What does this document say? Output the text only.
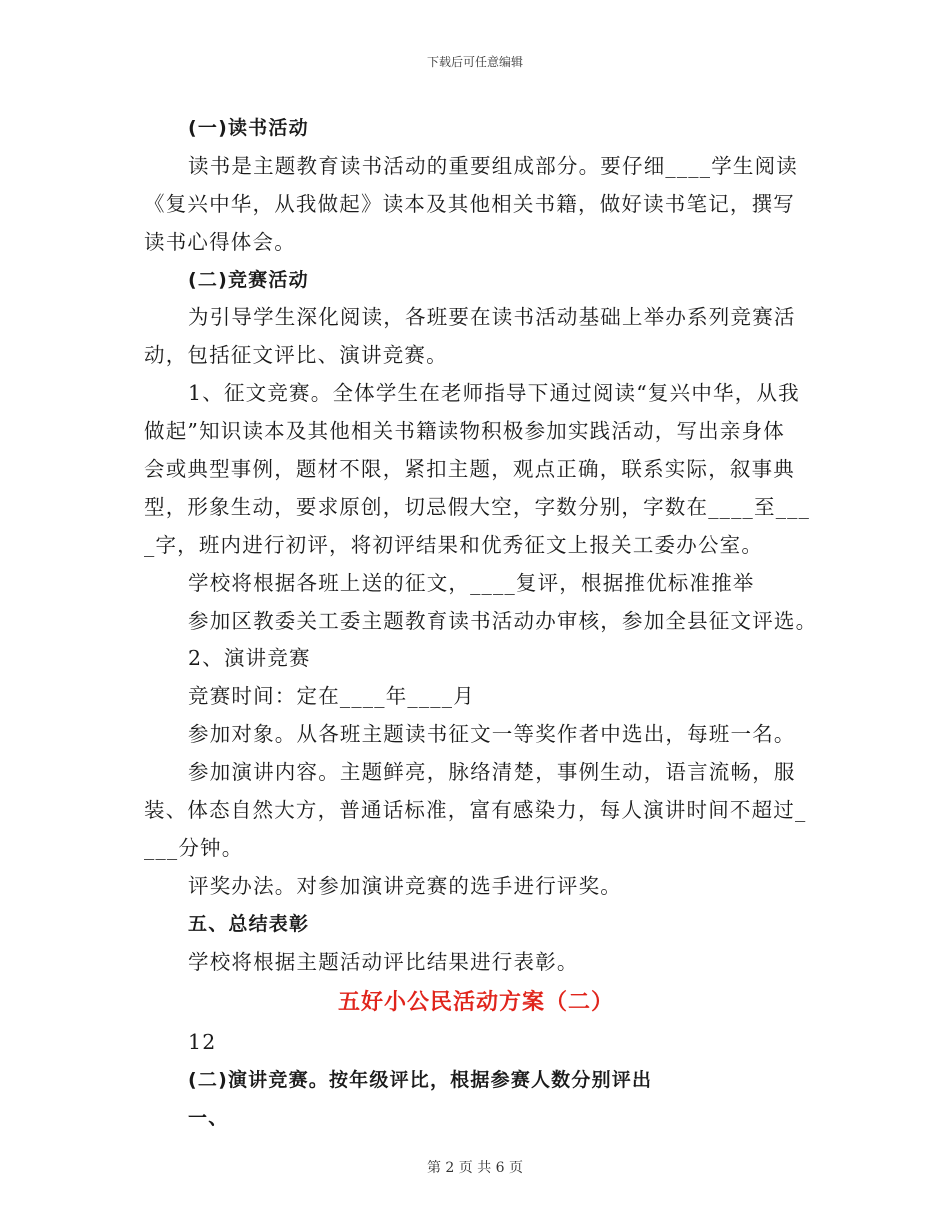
下载后可任意编辑
(一)读书活动
读书是主题教育读书活动的重要组成部分。要仔细____学生阅读
《复兴中华，从我做起》读本及其他相关书籍，做好读书笔记，撰写
读书心得体会。
(二)竞赛活动
为引导学生深化阅读，各班要在读书活动基础上举办系列竞赛活
动，包括征文评比、演讲竞赛。
1、征文竞赛。全体学生在老师指导下通过阅读“复兴中华，从我
做起”知识读本及其他相关书籍读物积极参加实践活动，写出亲身体
会或典型事例，题材不限，紧扣主题，观点正确，联系实际，叙事典
型，形象生动，要求原创，切忌假大空，字数分别，字数在____至___
_字，班内进行初评，将初评结果和优秀征文上报关工委办公室。
学校将根据各班上送的征文，____复评，根据推优标准推举
参加区教委关工委主题教育读书活动办审核，参加全县征文评选。
2、演讲竞赛
竞赛时间：定在____年____月
参加对象。从各班主题读书征文一等奖作者中选出，每班一名。
参加演讲内容。主题鲜亮，脉络清楚，事例生动，语言流畅，服
装、体态自然大方，普通话标准，富有感染力，每人演讲时间不超过_
___分钟。
评奖办法。对参加演讲竞赛的选手进行评奖。
五、总结表彰
学校将根据主题活动评比结果进行表彰。
五好小公民活动方案（二）
12
(二)演讲竞赛。按年级评比，根据参赛人数分别评出
一、
第 2 页 共 6 页
